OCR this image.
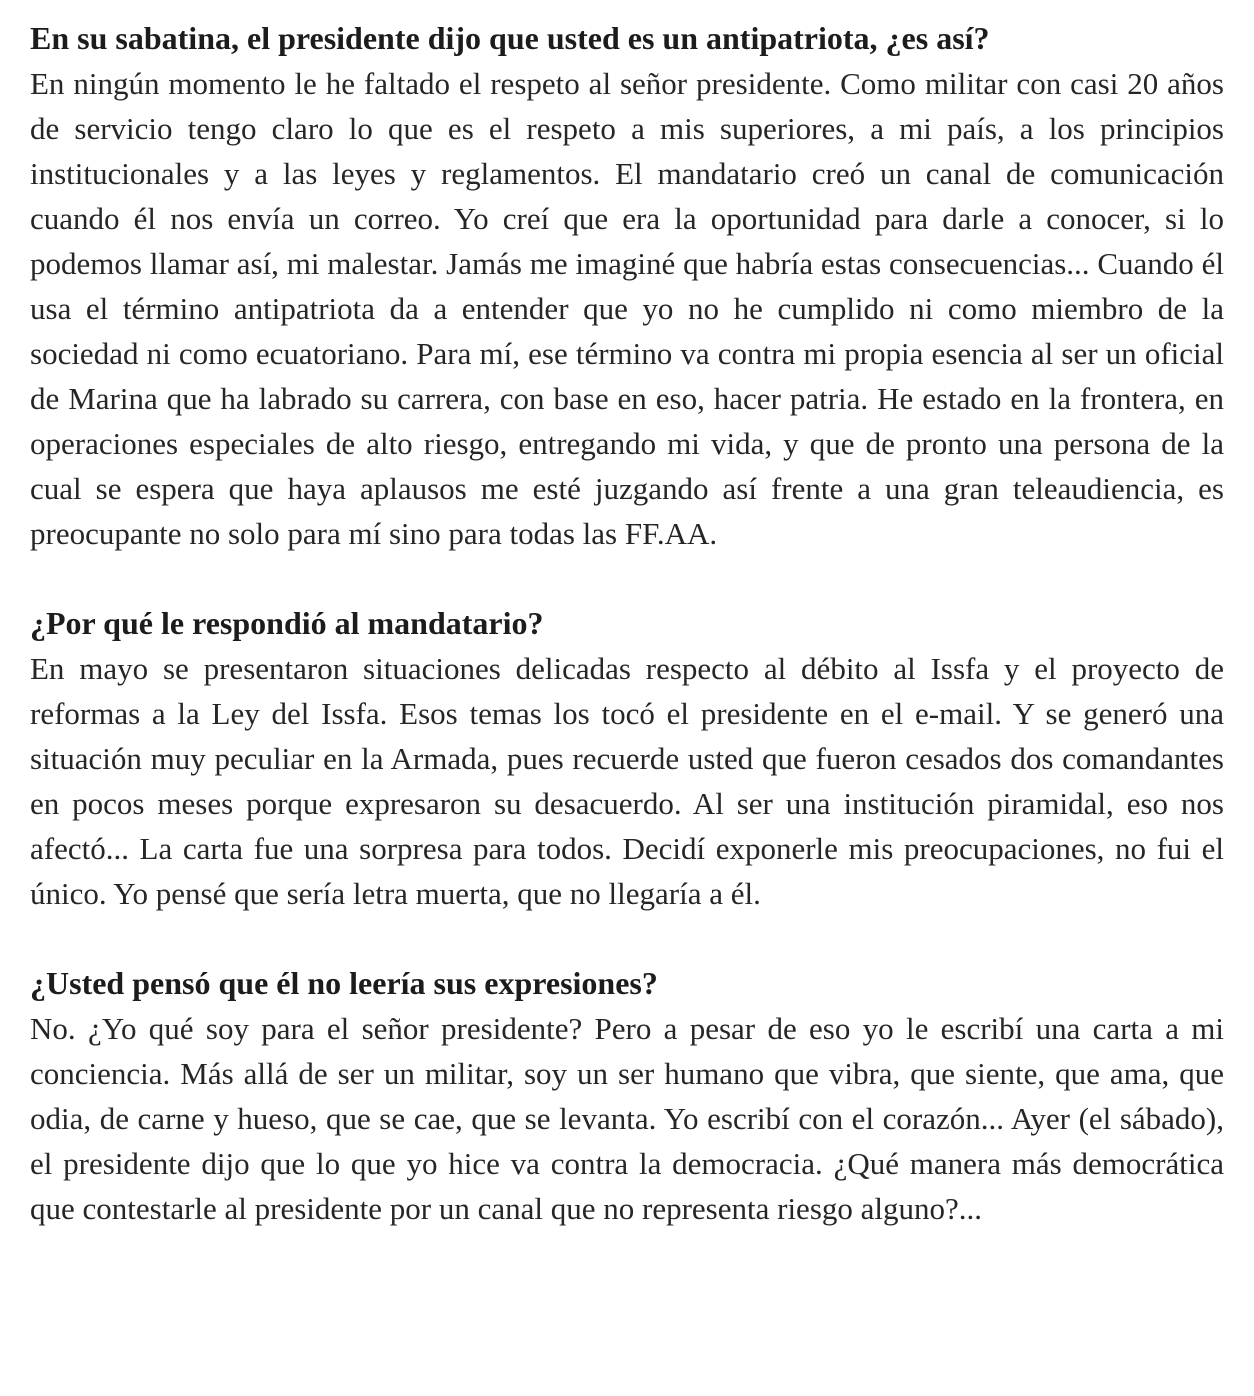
En su sabatina, el presidente dijo que usted es un antipatriota, ¿es así?

En ningún momento le he faltado el respeto al señor presidente. Como militar con casi 20 años de servicio tengo claro lo que es el respeto a mis superiores, a mi país, a los principios institucionales y a las leyes y reglamentos. El mandatario creó un canal de comunicación cuando él nos envía un correo. Yo creí que era la oportunidad para darle a conocer, si lo podemos llamar así, mi malestar. Jamás me imaginé que habría estas consecuencias... Cuando él usa el término antipatriota da a entender que yo no he cumplido ni como miembro de la sociedad ni como ecuatoriano. Para mí, ese término va contra mi propia esencia al ser un oficial de Marina que ha labrado su carrera, con base en eso, hacer patria. He estado en la frontera, en operaciones especiales de alto riesgo, entregando mi vida, y que de pronto una persona de la cual se espera que haya aplausos me esté juzgando así frente a una gran teleaudiencia, es preocupante no solo para mí sino para todas las FF.AA.

¿Por qué le respondió al mandatario?

En mayo se presentaron situaciones delicadas respecto al débito al Issfa y el proyecto de reformas a la Ley del Issfa. Esos temas los tocó el presidente en el e-mail. Y se generó una situación muy peculiar en la Armada, pues recuerde usted que fueron cesados dos comandantes en pocos meses porque expresaron su desacuerdo. Al ser una institución piramidal, eso nos afectó... La carta fue una sorpresa para todos. Decidí exponerle mis preocupaciones, no fui el único. Yo pensé que sería letra muerta, que no llegaría a él.

¿Usted pensó que él no leería sus expresiones?

No. ¿Yo qué soy para el señor presidente? Pero a pesar de eso yo le escribí una carta a mi conciencia. Más allá de ser un militar, soy un ser humano que vibra, que siente, que ama, que odia, de carne y hueso, que se cae, que se levanta. Yo escribí con el corazón... Ayer (el sábado), el presidente dijo que lo que yo hice va contra la democracia. ¿Qué manera más democrática que contestarle al presidente por un canal que no representa riesgo alguno?...
